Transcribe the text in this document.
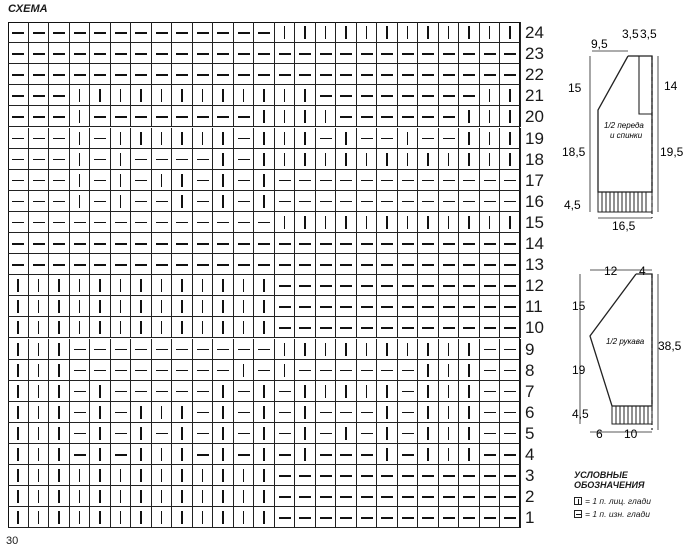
СХЕМА
24
23
22
21
20
19
18
17
16
15
14
13
12
11
10
9
8
7
6
5
4
3
2
1
9,5
3,5 3,5
15
18,5
14
19,5
4,5
16,5
1/2 переда
и спинки
12 4
15
19
38,5
4,5
6 10
1/2 рукава
УСЛОВНЫЕ
ОБОЗНАЧЕНИЯ
= 1 п. лиц. глади
= 1 п. изн. глади
30
